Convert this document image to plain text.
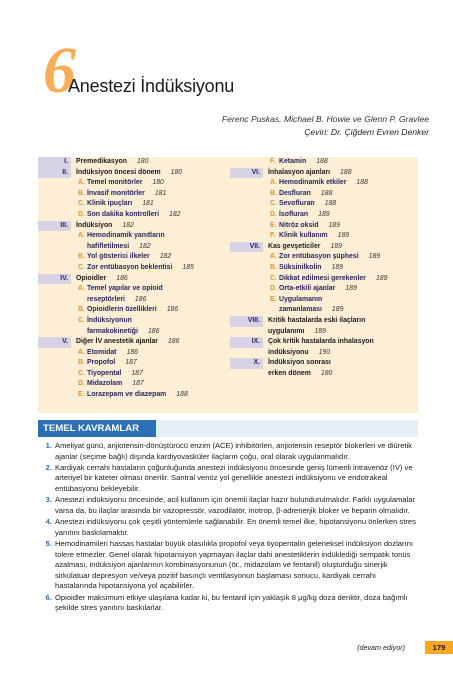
6
Anestezi İndüksiyonu
Ferenc Puskas, Michael B. Howie ve Glenn P. Gravlee
Çeviri: Dr. Çiğdem Evren Denker
I.	Premedikasyon 180
II.	İndüksiyon öncesi dönem 180
A. Temel monitörler 180
B. İnvasif monitörler 181
C. Klinik ipuçları 181
D. Son dakika kontrolleri 182
III.	İndüksiyon 182
A. Hemodinamik yanıtların
hafifletilmesi 182
B. Yol gösterici ilkeler 182
C. Zor entübasyon beklentisi 185
IV.	Opioidler 186
A. Temel yapılar ve opioid
reseptörleri 186
B. Opioidlerin özellikleri 186
C. İndüksiyonun
farmakokinetiği 186
V.	Diğer İV anestetik ajanlar 186
A. Etomidat 186
B. Propofol 187
C. Tiyopental 187
D. Midazolam 187
E. Lorazepam ve diazepam 188
F. Ketamin 188
VI.	İnhalasyon ajanları 188
A. Hemodinamik etkiler 188
B. Desfluran 188
C. Sevofluran 188
D. İsofluran 189
E. Nitröz oksid 189
F. Klinik kullanım 189
VII.	Kas gevşeticiler 189
A. Zor entübasyon şüphesi 189
B. Süksinilkolin 189
C. Dikkat edilmesi gerekenler 189
D. Orta-etkili ajanlar 189
E. Uygulamanın
zamanlaması 189
VIII.	Kritik hastalarda eski ilaçların
uygulanımı 189
IX.	Çok kritik hastalarda inhalasyon
indüksiyonu 190
X.	İndüksiyon sonrası
erken dönem 180
TEMEL KAVRAMLAR
1. Ameliyat günü, anjiotensin-dönüştürücü enzim (ACE) inhibitörleri, anjiotensin reseptör blokerleri ve diüretik ajanlar (seçime bağlı) dışında kardiyovasküler ilaçların çoğu, oral olarak uygulanmalıdır.
2. Kardiyak cerrahi hastaların çoğunluğunda anestezi indüksiyonu öncesinde geniş lümenli intravenöz (İV) ve arteriyel bir kateter olması önerilir. Santral venöz yol genellikle anestezi indüksiyonu ve endotrakeal entübasyonu bekleyebilir.
3. Anestezi indüksiyonu öncesinde, acil kullanım için önemli ilaçlar hazır bulundurulmalıdır. Farklı uygulamalar varsa da, bu ilaçlar arasında bir vazopressör, vazodilatör, inotrop, β-adrenerjik bloker ve heparin olmalıdır.
4. Anestezi indüksiyonu çok çeşitli yöntemlerle sağlanabilir. En önemli temel ilke, hipotansiyonu önlerken stres yanıtını baskılamaktır.
5. Hemodinamileri hassas hastalar büyük olasılıkla propofol veya tiyopentalin geleneksel indüksiyon dozlarını tolere etmezler. Genel olarak hipotansiyon yapmayan ilaçlar dahi anestetiklerin indüklediği sempatik tonüs azalması, indüksiyon ajanlarının kombinasyonunun (ör., midazolam ve fentanil) oluşturduğu sinerjik sirkülatuar depresyon ve/veya pozitif basınçlı ventilasyonun başlaması sonucu, kardiyak cerrahi hastalarında hipotansiyona yol açabilirler.
6. Opioidler maksimum etkiye ulaşılana kadar ki, bu fentanil için yaklaşık 8 μg/kg doza denktir, doza bağımlı şekilde stres yanıtını baskılarlar.
(devam ediyor)	179
